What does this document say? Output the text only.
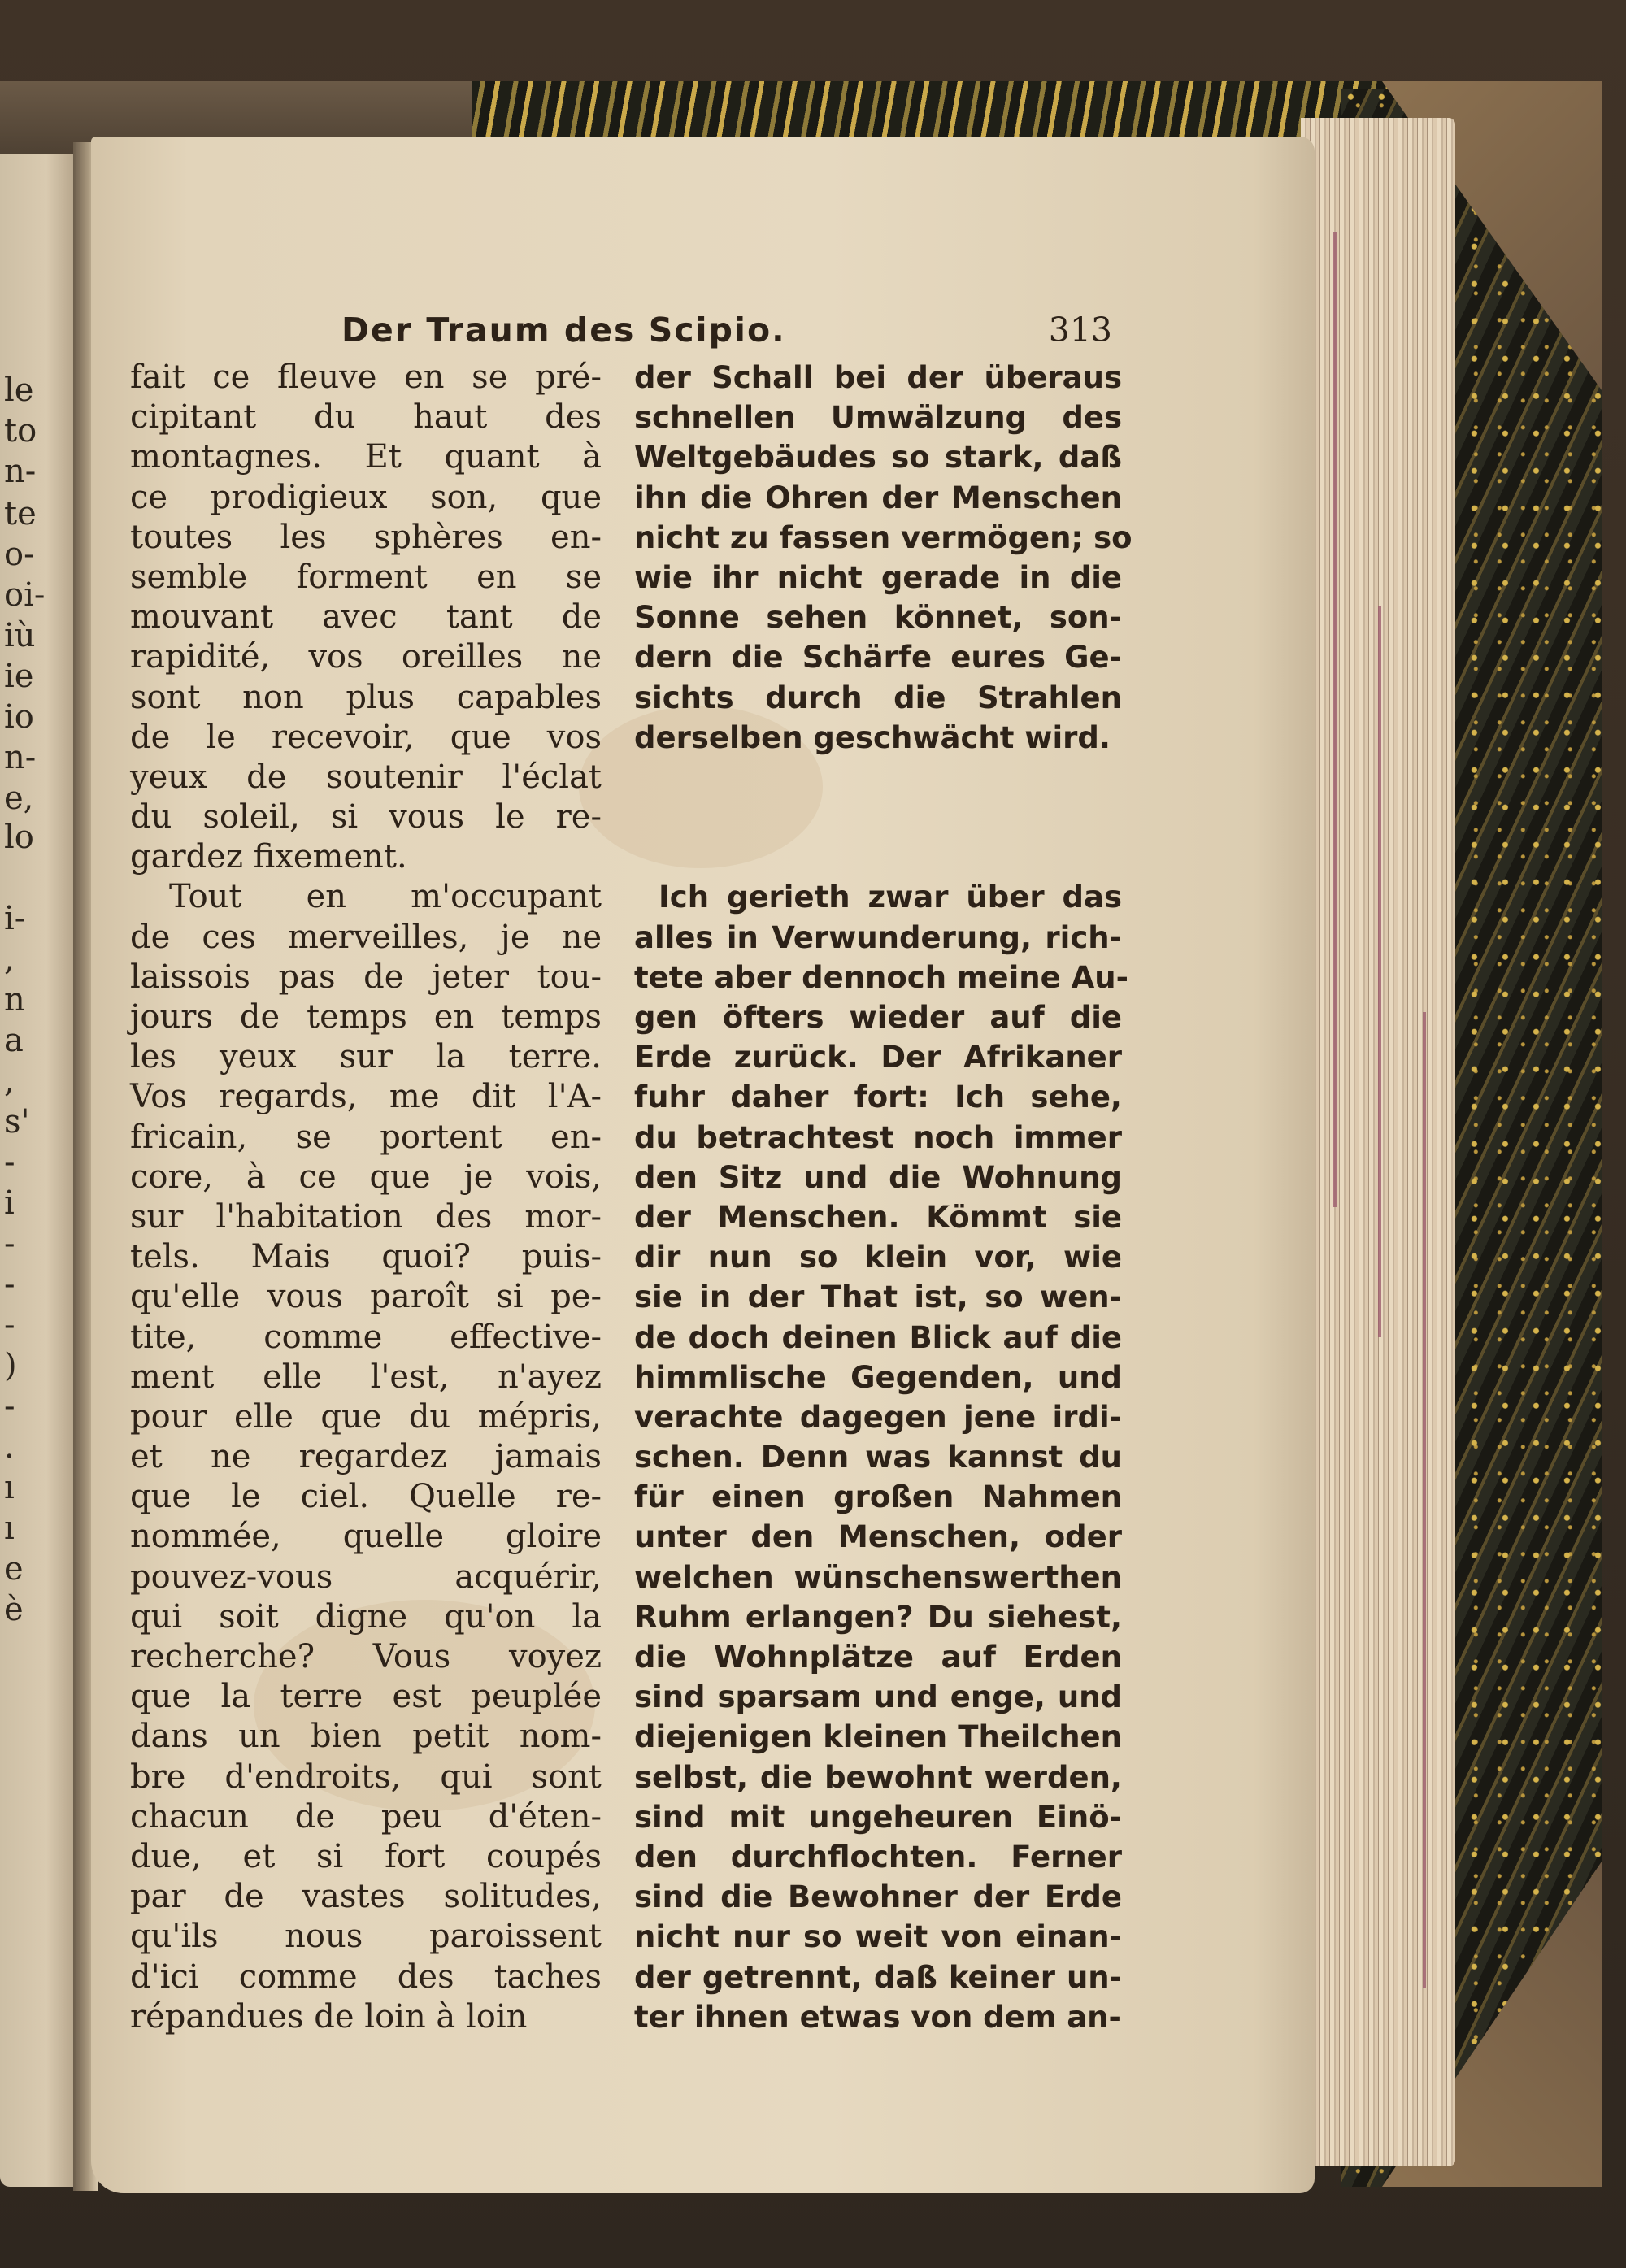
le
to
n-
te
o-
oi-
iù
ie
io
n-
e,
lo
i-
,
n
a
,
s'
-
i
-
-
-
)
-
.
ı
ı
e
è
Der Traum des Scipio.	313
fait ce fleuve en se pré-
cipitant du haut des
montagnes. Et quant à
ce prodigieux son, que
toutes les sphères en-
semble forment en se
mouvant avec tant de
rapidité, vos oreilles ne
sont non plus capables
de le recevoir, que vos
yeux de soutenir l'éclat
du soleil, si vous le re-
gardez fixement.
Tout en m'occupant
de ces merveilles, je ne
laissois pas de jeter tou-
jours de temps en temps
les yeux sur la terre.
Vos regards, me dit l'A-
fricain, se portent en-
core, à ce que je vois,
sur l'habitation des mor-
tels. Mais quoi? puis-
qu'elle vous paroît si pe-
tite, comme effective-
ment elle l'est, n'ayez
pour elle que du mépris,
et ne regardez jamais
que le ciel. Quelle re-
nommée, quelle gloire
pouvez-vous acquérir,
qui soit digne qu'on la
recherche? Vous voyez
que la terre est peuplée
dans un bien petit nom-
bre d'endroits, qui sont
chacun de peu d'éten-
due, et si fort coupés
par de vastes solitudes,
qu'ils nous paroissent
d'ici comme des taches
répandues de loin à loin
der Schall bei der überaus
schnellen Umwälzung des
Weltgebäudes so stark, daß
ihn die Ohren der Menschen
nicht zu fassen vermögen; so
wie ihr nicht gerade in die
Sonne sehen könnet, son-
dern die Schärfe eures Ge-
sichts durch die Strahlen
derselben geschwächt wird.
Ich gerieth zwar über das
alles in Verwunderung, rich-
tete aber dennoch meine Au-
gen öfters wieder auf die
Erde zurück. Der Afrikaner
fuhr daher fort: Ich sehe,
du betrachtest noch immer
den Sitz und die Wohnung
der Menschen. Kömmt sie
dir nun so klein vor, wie
sie in der That ist, so wen-
de doch deinen Blick auf die
himmlische Gegenden, und
verachte dagegen jene irdi-
schen. Denn was kannst du
für einen großen Nahmen
unter den Menschen, oder
welchen wünschenswerthen
Ruhm erlangen? Du siehest,
die Wohnplätze auf Erden
sind sparsam und enge, und
diejenigen kleinen Theilchen
selbst, die bewohnt werden,
sind mit ungeheuren Einö-
den durchflochten. Ferner
sind die Bewohner der Erde
nicht nur so weit von einan-
der getrennt, daß keiner un-
ter ihnen etwas von dem an-
